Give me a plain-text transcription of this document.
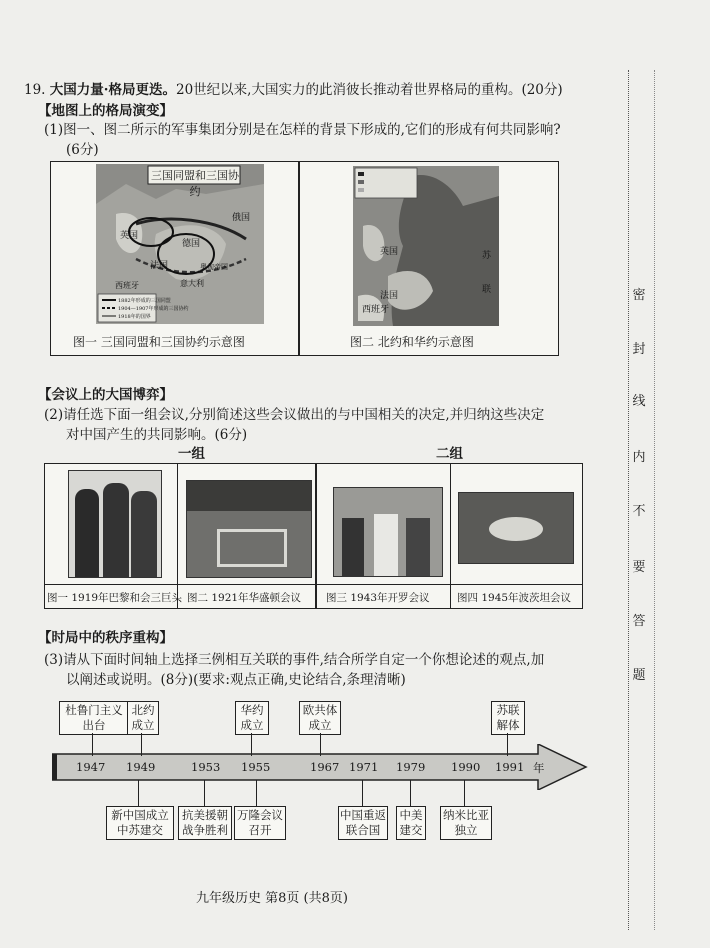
19. 大国力量·格局更迭。20世纪以来,大国实力的此消彼长推动着世界格局的重构。(20分)
【地图上的格局演变】
(1)图一、图二所示的军事集团分别是在怎样的背景下形成的,它们的形成有何共同影响?
(6分)
三国同盟和三国协约
英国
法国
德国
俄国
意大利
西班牙
奥匈帝国
1882年形成的三国同盟
1904—1907年形成的三国协约
1918年的国界
图一 三国同盟和三国协约示意图
英国
法国
苏
联
西班牙
图二 北约和华约示意图
【会议上的大国博弈】
(2)请任选下面一组会议,分别简述这些会议做出的与中国相关的决定,并归纳这些决定
对中国产生的共同影响。(6分)
一组	二组
图一 1919年巴黎和会三巨头 图二 1921年华盛顿会议 图三 1943年开罗会议	图四 1945年波茨坦会议
【时局中的秩序重构】
(3)请从下面时间轴上选择三例相互关联的事件,结合所学自定一个你想论述的观点,加
以阐述或说明。(8分)(要求:观点正确,史论结合,条理清晰)
1947 1949	1953 1955	1967 1971 1979 1990 1991 年
杜鲁门主义
出台
北约
成立
华约
成立
欧共体
成立
苏联
解体
新中国成立
中苏建交
抗美援朝
战争胜利
万隆会议
召开
中国重返
联合国
中美
建交
纳米比亚
独立
九年级历史 第8页 (共8页)
密
封
线
内
不
要
答
题
